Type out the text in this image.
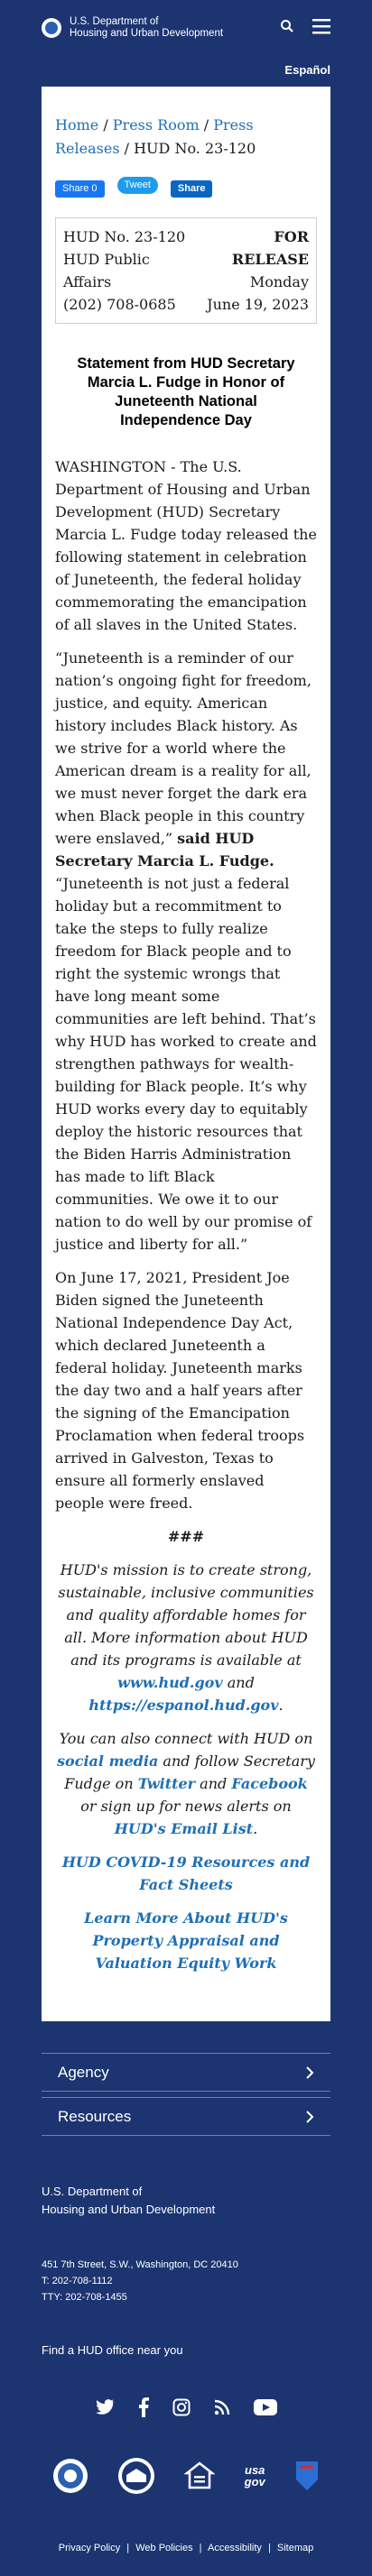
U.S. Department of
Housing and Urban Development
Español
Home / Press Room / Press Releases / HUD No. 23-120
Share 0	Tweet	Share
HUD No. 23-120
HUD Public
Affairs
(202) 708-0685
FOR
RELEASE
Monday
June 19, 2023
Statement from HUD Secretary Marcia L. Fudge in Honor of Juneteenth National Independence Day

WASHINGTON - The U.S. Department of Housing and Urban Development (HUD) Secretary Marcia L. Fudge today released the following statement in celebration of Juneteenth, the federal holiday commemorating the emancipation of all slaves in the United States.

“Juneteenth is a reminder of our nation’s ongoing fight for freedom, justice, and equity. American history includes Black history. As we strive for a world where the American dream is a reality for all, we must never forget the dark era when Black people in this country were enslaved,” said HUD Secretary Marcia L. Fudge. “Juneteenth is not just a federal holiday but a recommitment to take the steps to fully realize freedom for Black people and to right the systemic wrongs that have long meant some communities are left behind. That’s why HUD has worked to create and strengthen pathways for wealth-building for Black people. It’s why HUD works every day to equitably deploy the historic resources that the Biden Harris Administration has made to lift Black communities. We owe it to our nation to do well by our promise of justice and liberty for all.”

On June 17, 2021, President Joe Biden signed the Juneteenth National Independence Day Act, which declared Juneteenth a federal holiday. Juneteenth marks the day two and a half years after the signing of the Emancipation Proclamation when federal troops arrived in Galveston, Texas to ensure all formerly enslaved people were freed.

###

HUD's mission is to create strong, sustainable, inclusive communities and quality affordable homes for all. More information about HUD and its programs is available at www.hud.gov and https://espanol.hud.gov.

You can also connect with HUD on social media and follow Secretary Fudge on Twitter and Facebook or sign up for news alerts on HUD's Email List.

HUD COVID-19 Resources and Fact Sheets

Learn More About HUD's Property Appraisal and Valuation Equity Work

Agency
Resources
U.S. Department of
Housing and Urban Development
451 7th Street, S.W., Washington, DC 20410
T: 202-708-1112
TTY: 202-708-1455
Find a HUD office near you
usa
gov
Privacy Policy | Web Policies | Accessibility | Sitemap
